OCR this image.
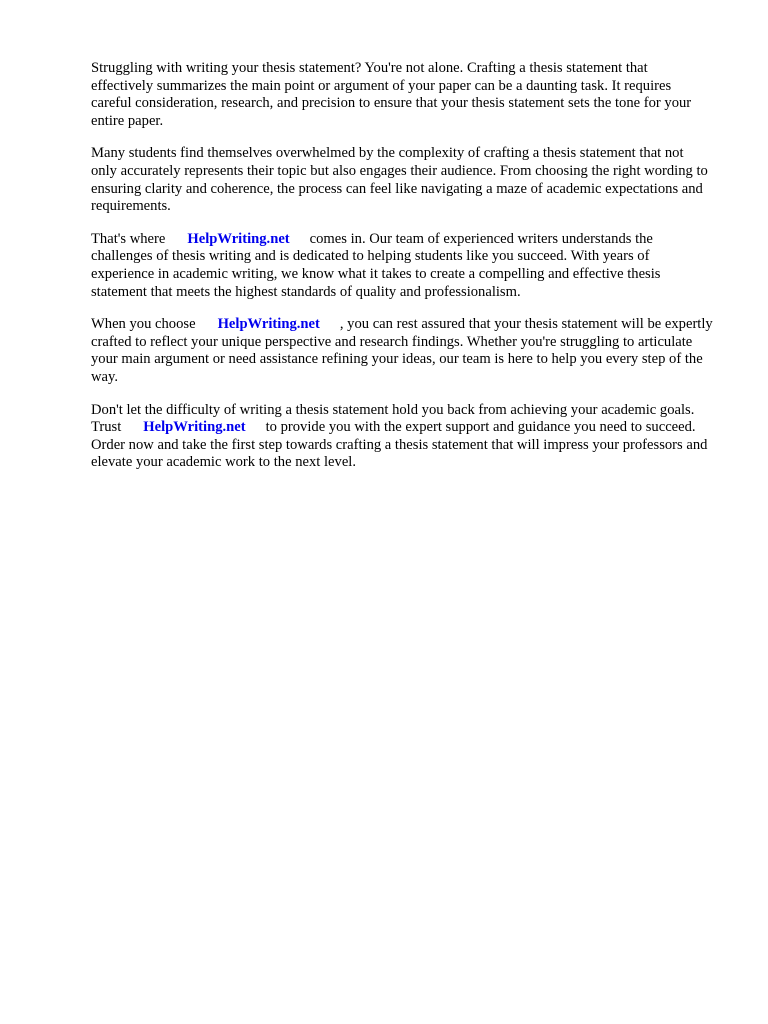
Struggling with writing your thesis statement? You're not alone. Crafting a thesis statement that effectively summarizes the main point or argument of your paper can be a daunting task. It requires careful consideration, research, and precision to ensure that your thesis statement sets the tone for your entire paper.

Many students find themselves overwhelmed by the complexity of crafting a thesis statement that not only accurately represents their topic but also engages their audience. From choosing the right wording to ensuring clarity and coherence, the process can feel like navigating a maze of academic expectations and requirements.

That's where HelpWriting.net comes in. Our team of experienced writers understands the challenges of thesis writing and is dedicated to helping students like you succeed. With years of experience in academic writing, we know what it takes to create a compelling and effective thesis statement that meets the highest standards of quality and professionalism.

When you choose HelpWriting.net , you can rest assured that your thesis statement will be expertly crafted to reflect your unique perspective and research findings. Whether you're struggling to articulate your main argument or need assistance refining your ideas, our team is here to help you every step of the way.

Don't let the difficulty of writing a thesis statement hold you back from achieving your academic goals. Trust HelpWriting.net to provide you with the expert support and guidance you need to succeed. Order now and take the first step towards crafting a thesis statement that will impress your professors and elevate your academic work to the next level.
